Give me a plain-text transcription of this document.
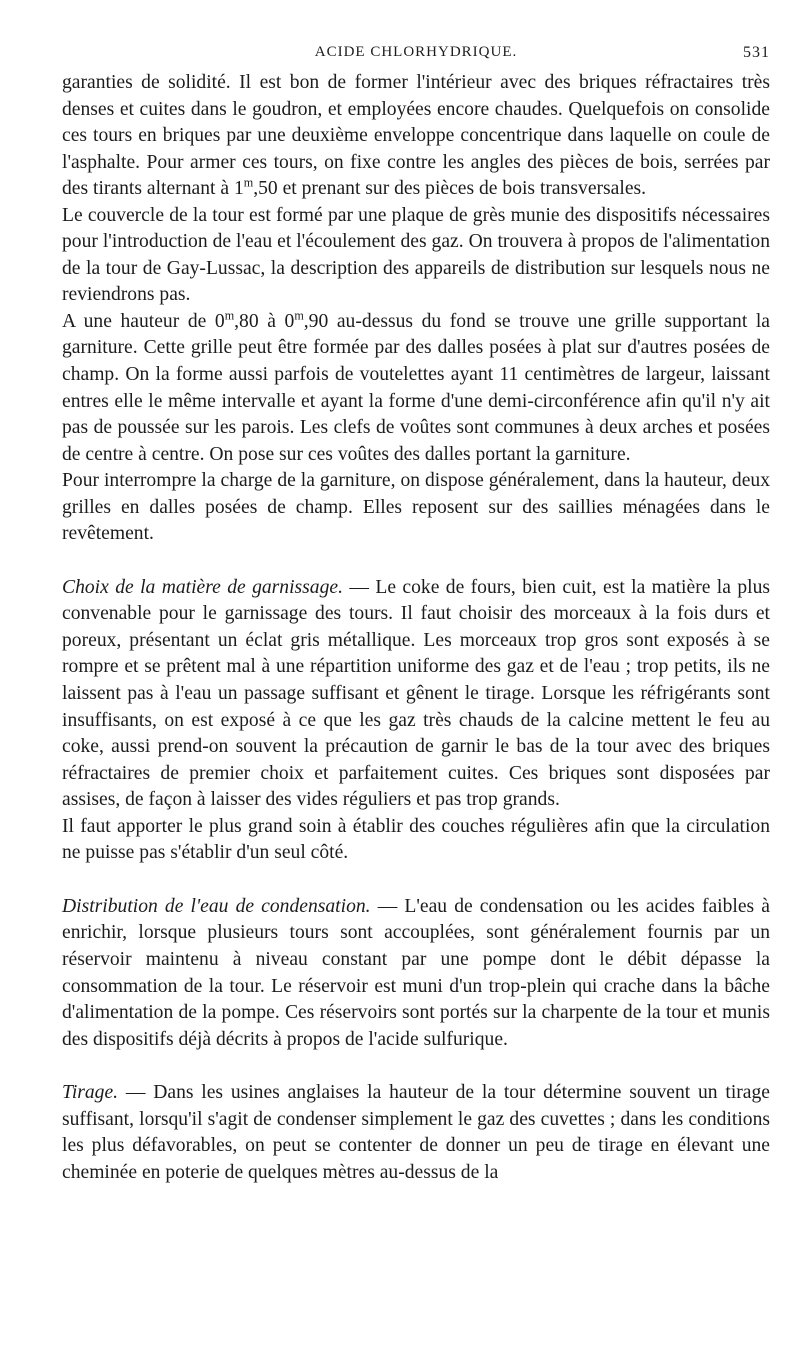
ACIDE CHLORHYDRIQUE.	531

garanties de solidité. Il est bon de former l'intérieur avec des briques réfractaires très denses et cuites dans le goudron, et employées encore chaudes. Quelquefois on consolide ces tours en briques par une deuxième enveloppe concentrique dans laquelle on coule de l'asphalte. Pour armer ces tours, on fixe contre les angles des pièces de bois, serrées par des tirants alternant à 1$^m$,50 et prenant sur des pièces de bois transversales.

Le couvercle de la tour est formé par une plaque de grès munie des dispositifs nécessaires pour l'introduction de l'eau et l'écoulement des gaz. On trouvera à propos de l'alimentation de la tour de Gay-Lussac, la description des appareils de distribution sur lesquels nous ne reviendrons pas.

A une hauteur de 0$^m$,80 à 0$^m$,90 au-dessus du fond se trouve une grille supportant la garniture. Cette grille peut être formée par des dalles posées à plat sur d'autres posées de champ. On la forme aussi parfois de voutelettes ayant 11 centimètres de largeur, laissant entres elle le même intervalle et ayant la forme d'une demi-circonférence afin qu'il n'y ait pas de poussée sur les parois. Les clefs de voûtes sont communes à deux arches et posées de centre à centre. On pose sur ces voûtes des dalles portant la garniture.

Pour interrompre la charge de la garniture, on dispose généralement, dans la hauteur, deux grilles en dalles posées de champ. Elles reposent sur des saillies ménagées dans le revêtement.

Choix de la matière de garnissage. — Le coke de fours, bien cuit, est la matière la plus convenable pour le garnissage des tours. Il faut choisir des morceaux à la fois durs et poreux, présentant un éclat gris métallique. Les morceaux trop gros sont exposés à se rompre et se prêtent mal à une répartition uniforme des gaz et de l'eau ; trop petits, ils ne laissent pas à l'eau un passage suffisant et gênent le tirage. Lorsque les réfrigérants sont insuffisants, on est exposé à ce que les gaz très chauds de la calcine mettent le feu au coke, aussi prend-on souvent la précaution de garnir le bas de la tour avec des briques réfractaires de premier choix et parfaitement cuites. Ces briques sont disposées par assises, de façon à laisser des vides réguliers et pas trop grands.

Il faut apporter le plus grand soin à établir des couches régulières afin que la circulation ne puisse pas s'établir d'un seul côté.

Distribution de l'eau de condensation. — L'eau de condensation ou les acides faibles à enrichir, lorsque plusieurs tours sont accouplées, sont généralement fournis par un réservoir maintenu à niveau constant par une pompe dont le débit dépasse la consommation de la tour. Le réservoir est muni d'un trop-plein qui crache dans la bâche d'alimentation de la pompe. Ces réservoirs sont portés sur la charpente de la tour et munis des dispositifs déjà décrits à propos de l'acide sulfurique.

Tirage. — Dans les usines anglaises la hauteur de la tour détermine souvent un tirage suffisant, lorsqu'il s'agit de condenser simplement le gaz des cuvettes ; dans les conditions les plus défavorables, on peut se contenter de donner un peu de tirage en élevant une cheminée en poterie de quelques mètres au-dessus de la
